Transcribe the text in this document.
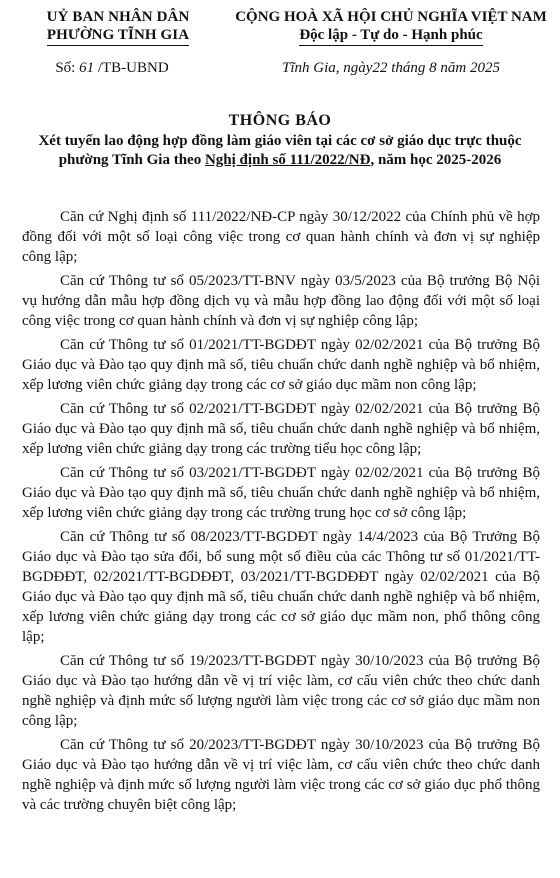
UỶ BAN NHÂN DÂN
PHƯỜNG TĨNH GIA
CỘNG HOÀ XÃ HỘI CHỦ NGHĨA VIỆT NAM
Độc lập - Tự do - Hạnh phúc
Số: 61 /TB-UBND	Tĩnh Gia, ngày22 tháng 8 năm 2025
THÔNG BÁO
Xét tuyển lao động hợp đồng làm giáo viên tại các cơ sở giáo dục trực thuộc phường Tĩnh Gia theo Nghị định số 111/2022/NĐ, năm học 2025-2026

Căn cứ Nghị định số 111/2022/NĐ-CP ngày 30/12/2022 của Chính phủ về hợp đồng đối với một số loại công việc trong cơ quan hành chính và đơn vị sự nghiệp công lập;

Căn cứ Thông tư số 05/2023/TT-BNV ngày 03/5/2023 của Bộ trưởng Bộ Nội vụ hướng dẫn mẫu hợp đồng dịch vụ và mẫu hợp đồng lao động đối với một số loại công việc trong cơ quan hành chính và đơn vị sự nghiệp công lập;

Căn cứ Thông tư số 01/2021/TT-BGDĐT ngày 02/02/2021 của Bộ trưởng Bộ Giáo dục và Đào tạo quy định mã số, tiêu chuẩn chức danh nghề nghiệp và bổ nhiệm, xếp lương viên chức giảng dạy trong các cơ sở giáo dục mầm non công lập;

Căn cứ Thông tư số 02/2021/TT-BGDĐT ngày 02/02/2021 của Bộ trưởng Bộ Giáo dục và Đào tạo quy định mã số, tiêu chuẩn chức danh nghề nghiệp và bổ nhiệm, xếp lương viên chức giảng dạy trong các trường tiểu học công lập;

Căn cứ Thông tư số 03/2021/TT-BGDĐT ngày 02/02/2021 của Bộ trưởng Bộ Giáo dục và Đào tạo quy định mã số, tiêu chuẩn chức danh nghề nghiệp và bổ nhiệm, xếp lương viên chức giảng dạy trong các trường trung học cơ sở công lập;

Căn cứ Thông tư số 08/2023/TT-BGDĐT ngày 14/4/2023 của Bộ Trưởng Bộ Giáo dục và Đào tạo sửa đổi, bổ sung một số điều của các Thông tư số 01/2021/TT-BGDĐĐT, 02/2021/TT-BGDĐĐT, 03/2021/TT-BGDĐĐT ngày 02/02/2021 của Bộ Giáo dục và Đào tạo quy định mã số, tiêu chuẩn chức danh nghề nghiệp và bổ nhiệm, xếp lương viên chức giảng dạy trong các cơ sở giáo dục mầm non, phổ thông công lập;

Căn cứ Thông tư số 19/2023/TT-BGDĐT ngày 30/10/2023 của Bộ trưởng Bộ Giáo dục và Đào tạo hướng dẫn về vị trí việc làm, cơ cấu viên chức theo chức danh nghề nghiệp và định mức số lượng người làm việc trong các cơ sở giáo dục mầm non công lập;

Căn cứ Thông tư số 20/2023/TT-BGDĐT ngày 30/10/2023 của Bộ trưởng Bộ Giáo dục và Đào tạo hướng dẫn về vị trí việc làm, cơ cấu viên chức theo chức danh nghề nghiệp và định mức số lượng người làm việc trong các cơ sở giáo dục phổ thông và các trường chuyên biệt công lập;
